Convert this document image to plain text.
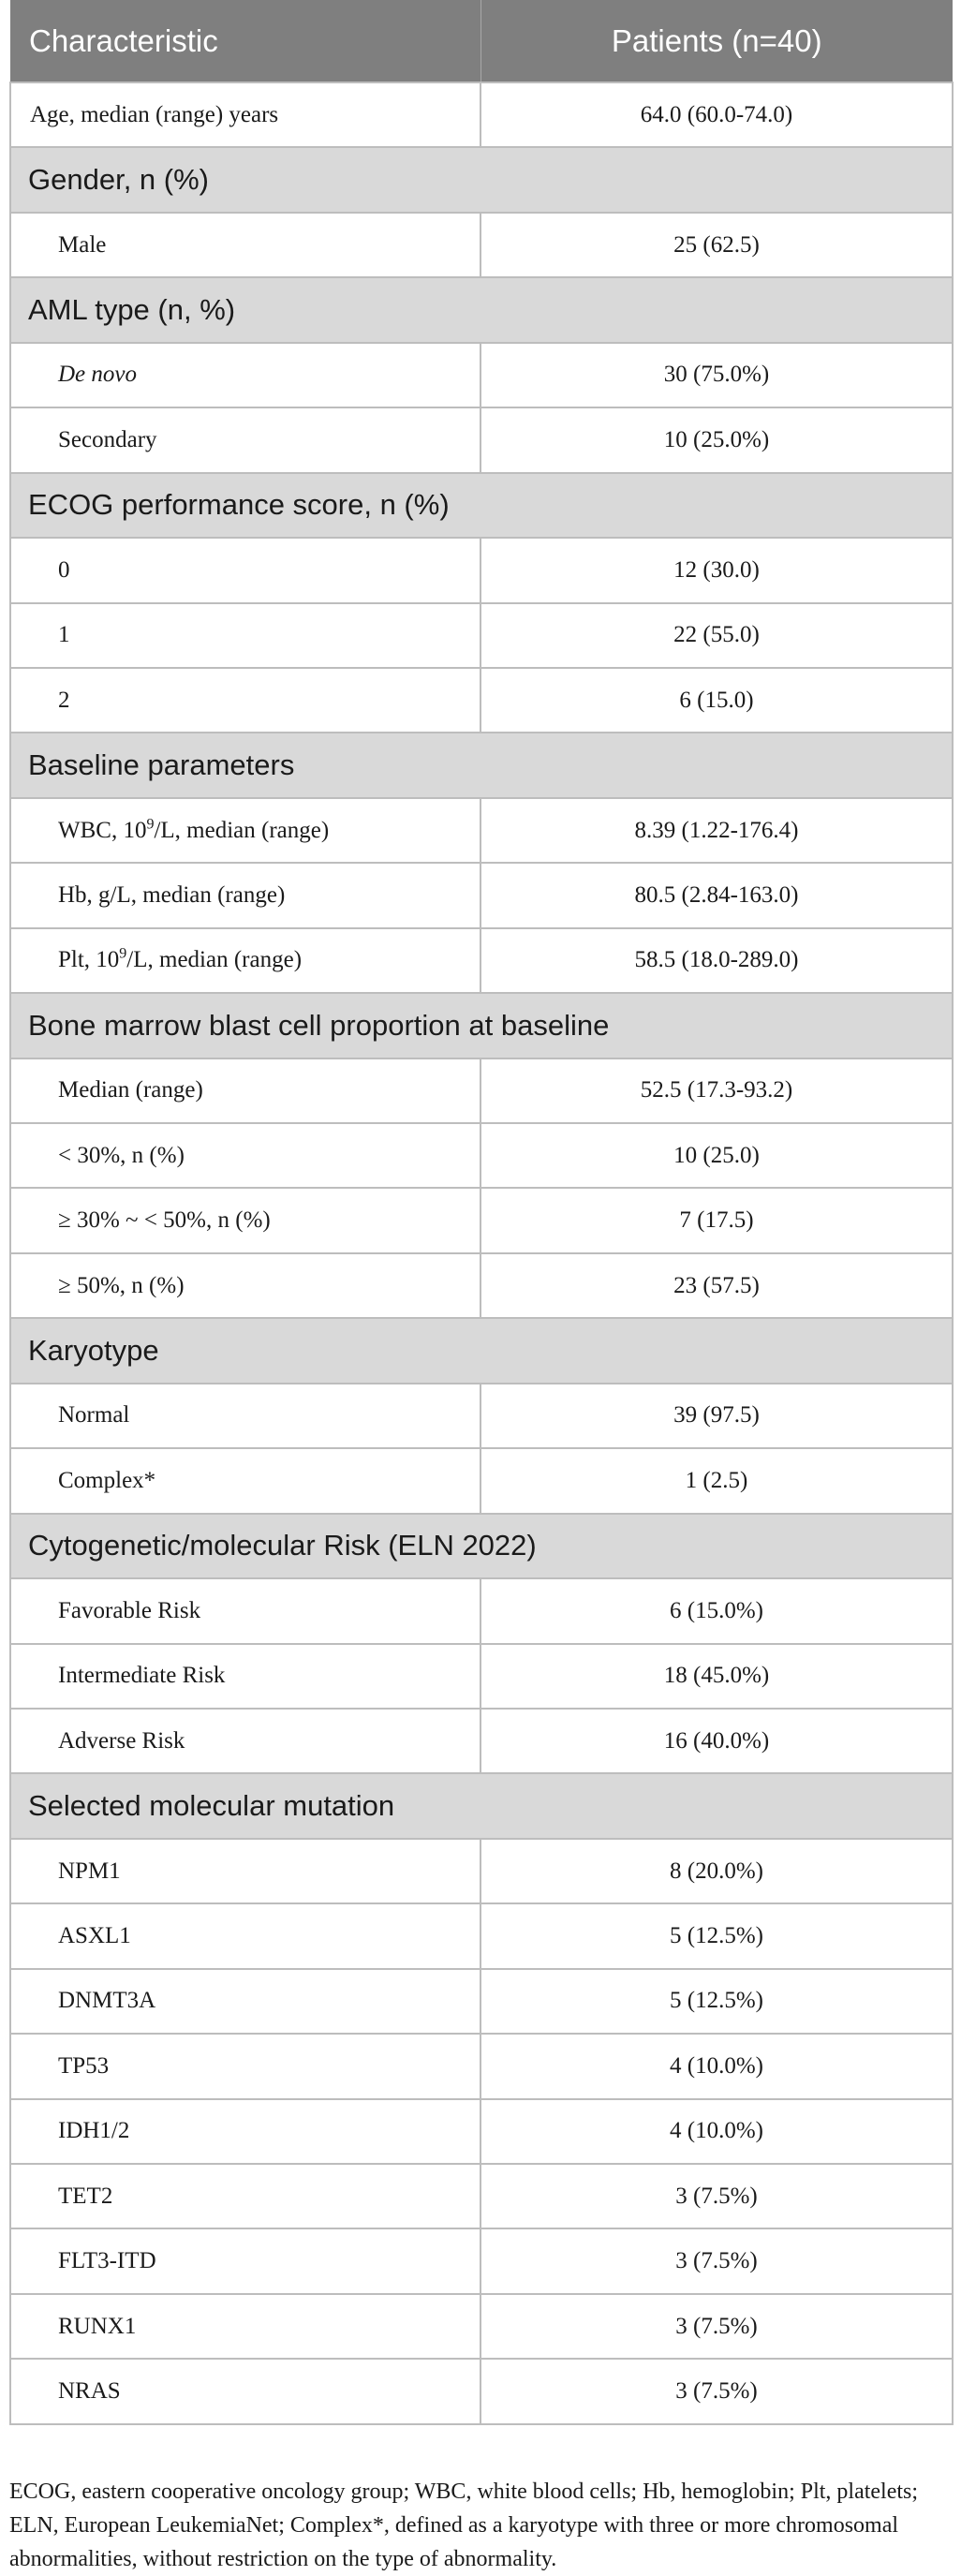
Characteristic	Patients (n=40)
Age, median (range) years	64.0 (60.0-74.0)
Gender, n (%)	
Male	25 (62.5)
AML type (n, %)	
De novo	30 (75.0%)
Secondary	10 (25.0%)
ECOG performance score, n (%)	
0	12 (30.0)
1	22 (55.0)
2	6 (15.0)
Baseline parameters	
WBC, $10^9/L$, median (range)	8.39 (1.22-176.4)
Hb, g/L, median (range)	80.5 (2.84-163.0)
Plt, $10^9/L$, median (range)	58.5 (18.0-289.0)
Bone marrow blast cell proportion at baseline	
Median (range)	52.5 (17.3-93.2)
< 30%, n (%)	10 (25.0)
≥ 30% ~ < 50%, n (%)	7 (17.5)
≥ 50%, n (%)	23 (57.5)
Karyotype	
Normal	39 (97.5)
Complex*	1 (2.5)
Cytogenetic/molecular Risk (ELN 2022)	
Favorable Risk	6 (15.0%)
Intermediate Risk	18 (45.0%)
Adverse Risk	16 (40.0%)
Selected molecular mutation	
NPM1	8 (20.0%)
ASXL1	5 (12.5%)
DNMT3A	5 (12.5%)
TP53	4 (10.0%)
IDH1/2	4 (10.0%)
TET2	3 (7.5%)
FLT3-ITD	3 (7.5%)
RUNX1	3 (7.5%)
NRAS	3 (7.5%)

ECOG, eastern cooperative oncology group; WBC, white blood cells; Hb, hemoglobin; Plt, platelets; ELN, European LeukemiaNet; Complex*, defined as a karyotype with three or more chromosomal abnormalities, without restriction on the type of abnormality.
